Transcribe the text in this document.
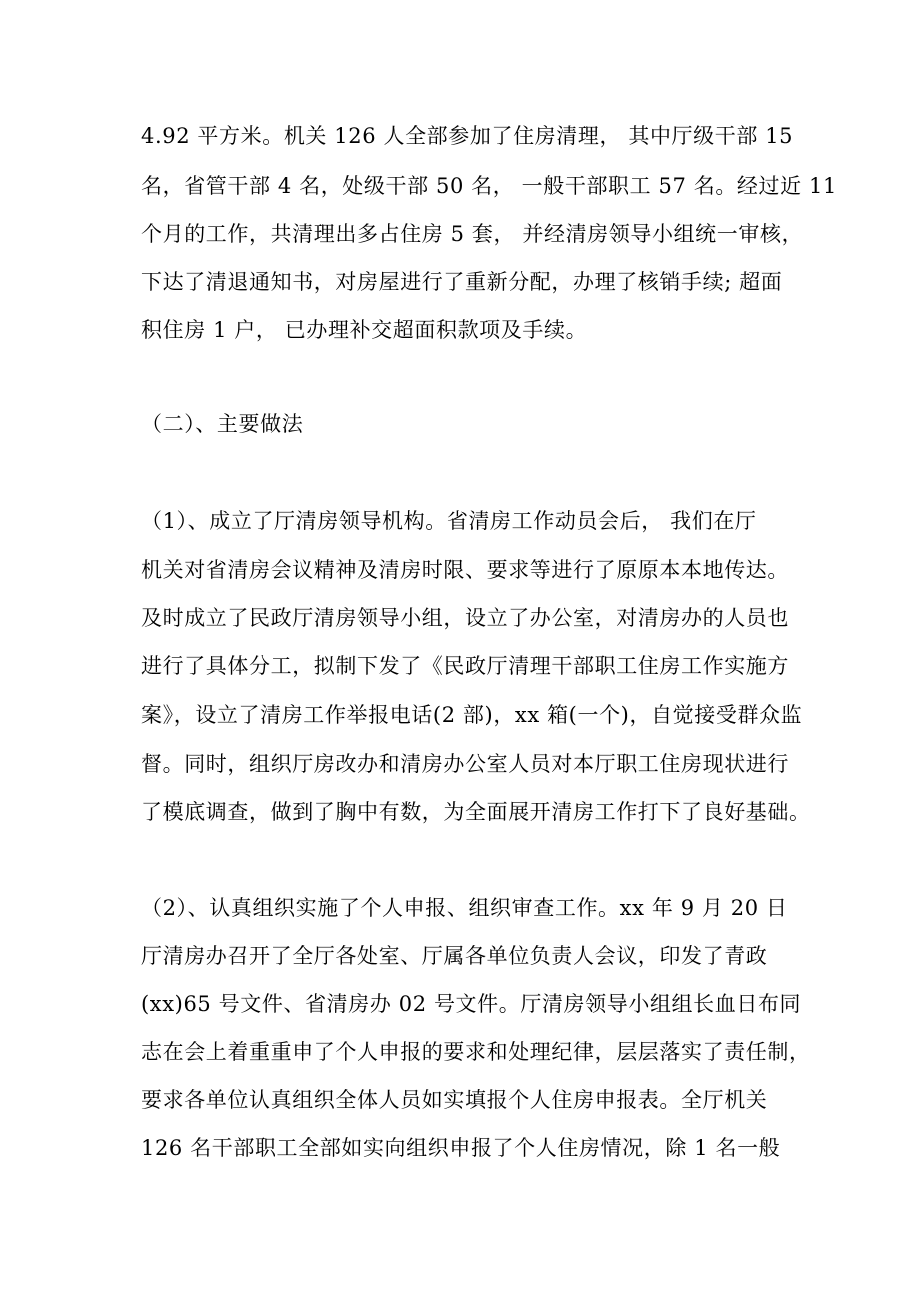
4.92 平方米。机关 126 人全部参加了住房清理， 其中厅级干部 15
名，省管干部 4 名，处级干部 50 名， 一般干部职工 57 名。经过近 11
个月的工作，共清理出多占住房 5 套， 并经清房领导小组统一审核，
下达了清退通知书，对房屋进行了重新分配，办理了核销手续; 超面
积住房 1 户， 已办理补交超面积款项及手续。
（二）、主要做法
（1）、成立了厅清房领导机构。省清房工作动员会后， 我们在厅
机关对省清房会议精神及清房时限、要求等进行了原原本本地传达。
及时成立了民政厅清房领导小组，设立了办公室，对清房办的人员也
进行了具体分工，拟制下发了《民政厅清理干部职工住房工作实施方
案》，设立了清房工作举报电话(2 部)，xx 箱(一个)，自觉接受群众监
督。同时，组织厅房改办和清房办公室人员对本厅职工住房现状进行
了模底调查，做到了胸中有数，为全面展开清房工作打下了良好基础。
（2）、认真组织实施了个人申报、组织审查工作。xx 年 9 月 20 日
厅清房办召开了全厅各处室、厅属各单位负责人会议，印发了青政
(xx)65 号文件、省清房办 02 号文件。厅清房领导小组组长血日布同
志在会上着重重申了个人申报的要求和处理纪律，层层落实了责任制，
要求各单位认真组织全体人员如实填报个人住房申报表。全厅机关
126 名干部职工全部如实向组织申报了个人住房情况，除 1 名一般
